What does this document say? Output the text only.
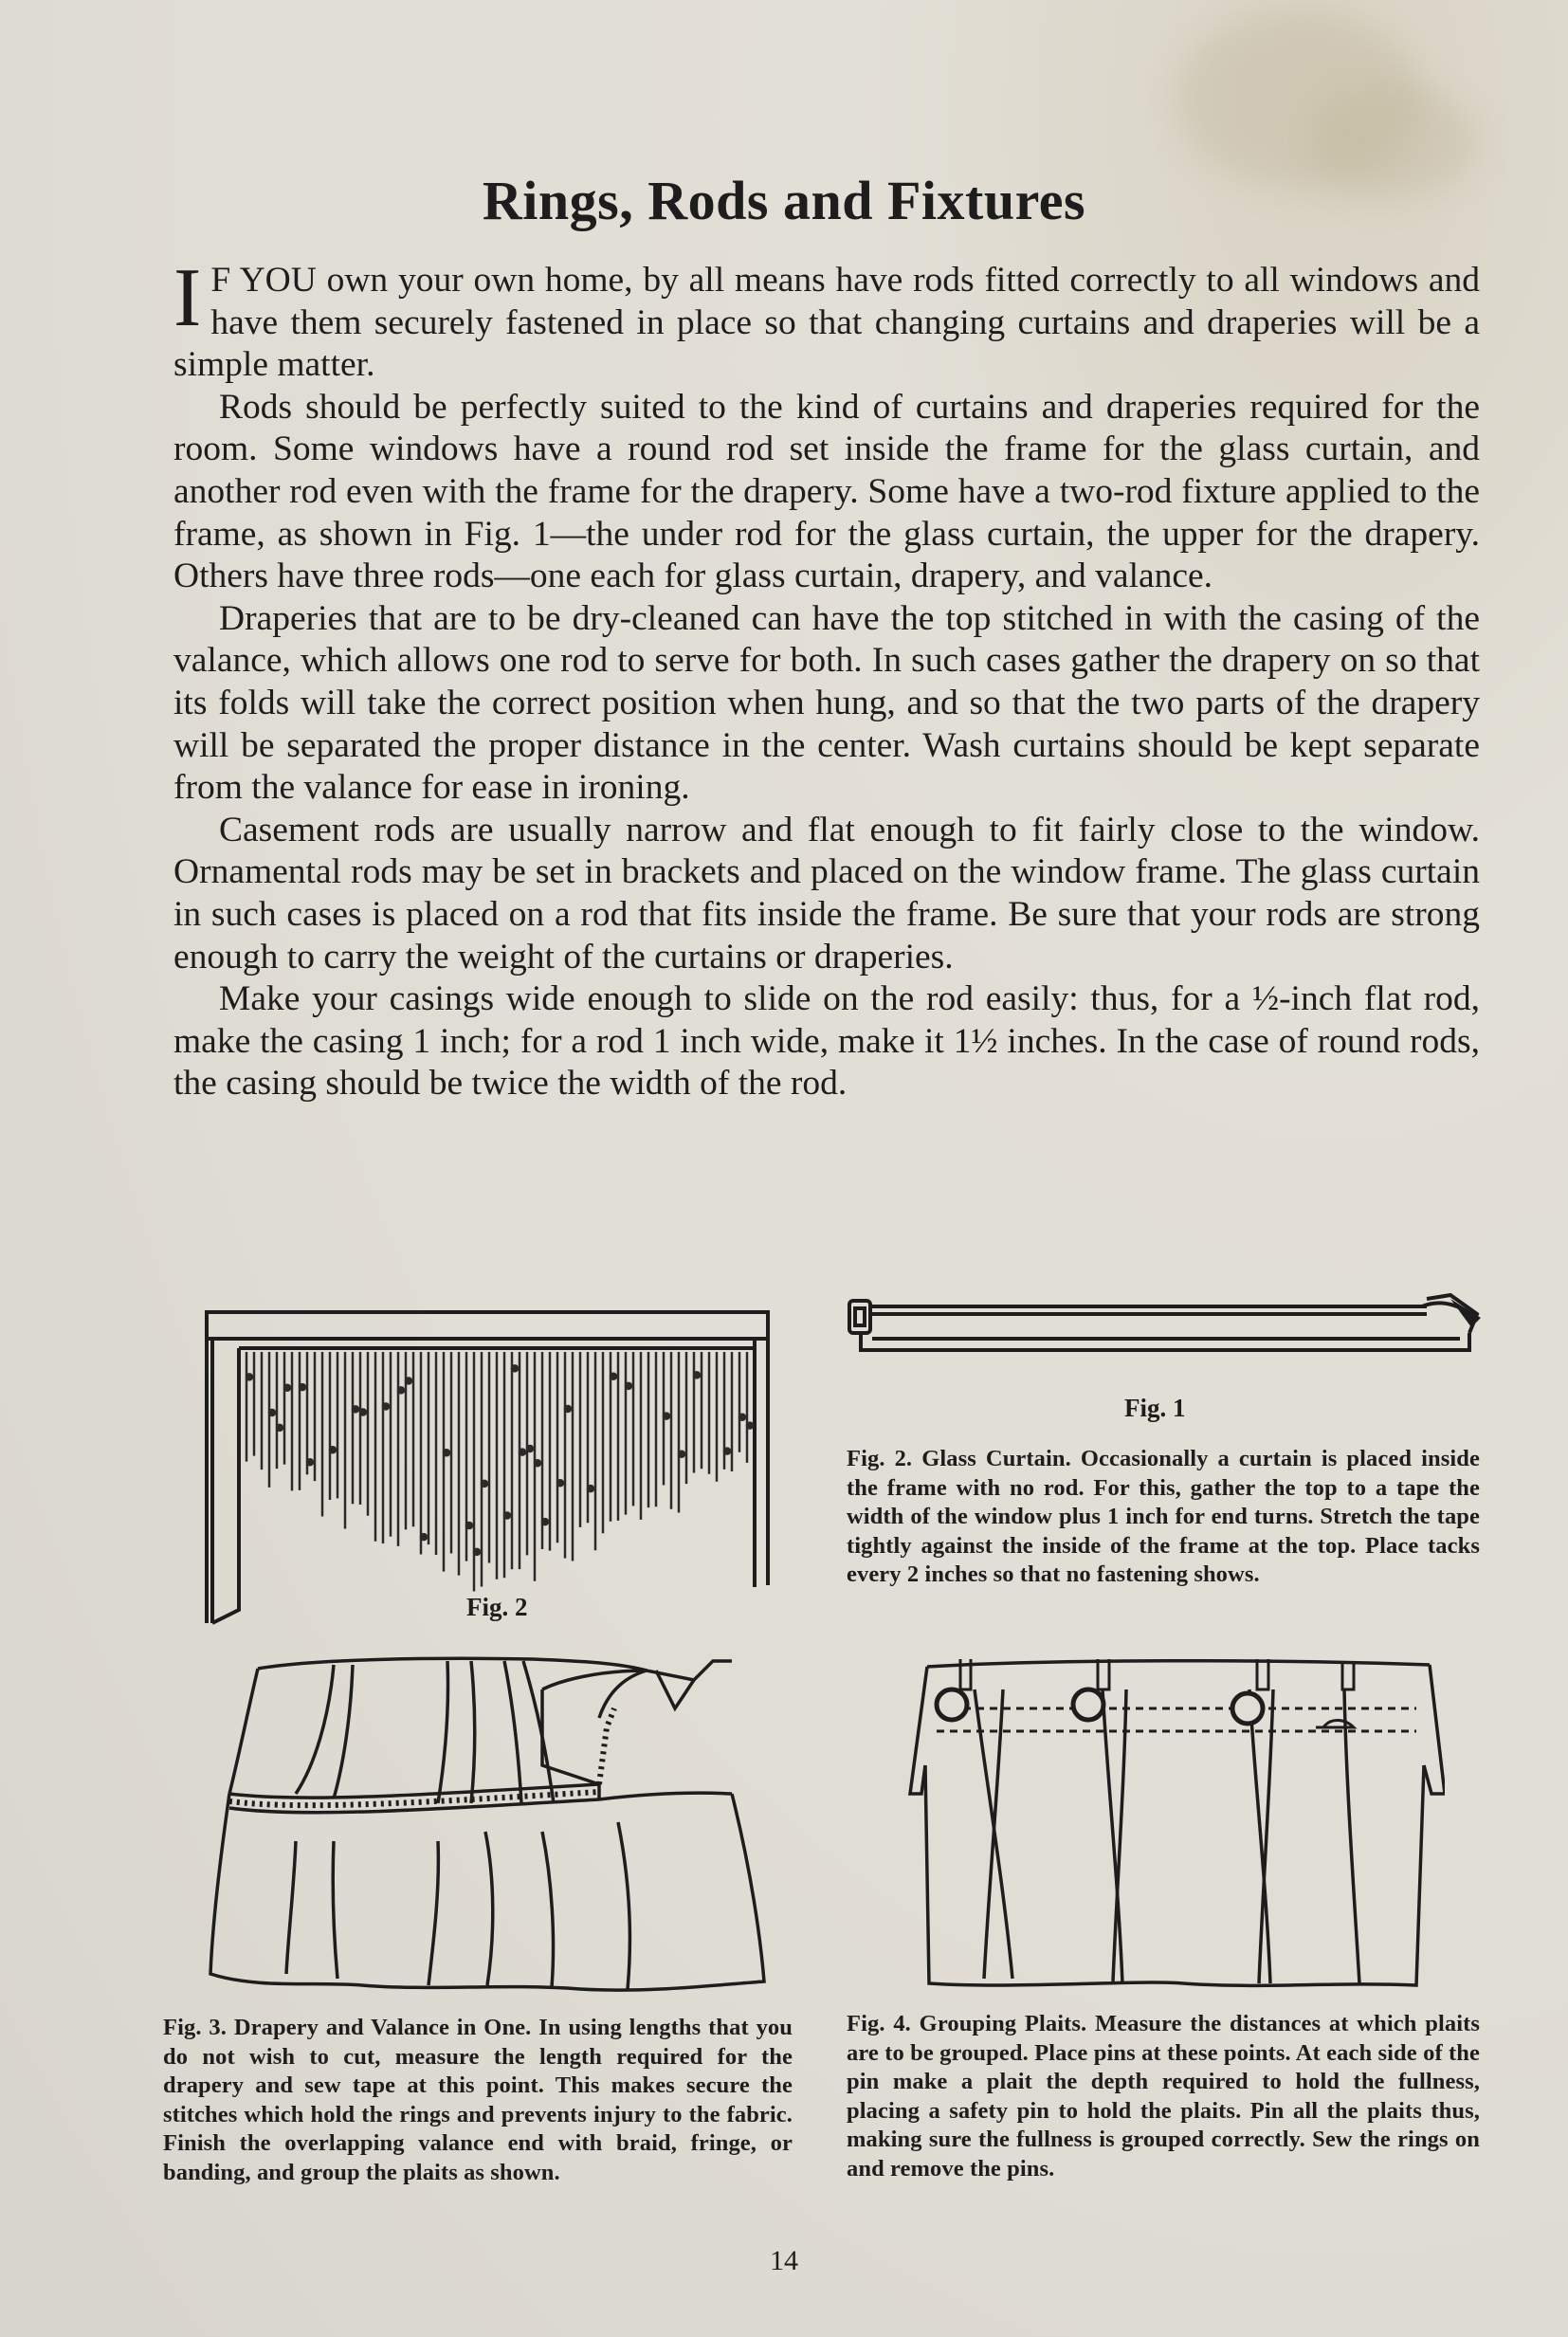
Rings, Rods and Fixtures

I F YOU own your own home, by all means have rods fitted correctly to all windows and have them securely fastened in place so that changing curtains and draperies will be a simple matter.

Rods should be perfectly suited to the kind of curtains and draperies required for the room. Some windows have a round rod set inside the frame for the glass curtain, and another rod even with the frame for the drapery. Some have a two-rod fixture applied to the frame, as shown in Fig. 1—the under rod for the glass curtain, the upper for the drapery. Others have three rods—one each for glass curtain, drapery, and valance.

Draperies that are to be dry-cleaned can have the top stitched in with the casing of the valance, which allows one rod to serve for both. In such cases gather the drapery on so that its folds will take the correct position when hung, and so that the two parts of the drapery will be separated the proper distance in the center. Wash curtains should be kept separate from the valance for ease in ironing.

Casement rods are usually narrow and flat enough to fit fairly close to the window. Ornamental rods may be set in brackets and placed on the window frame. The glass curtain in such cases is placed on a rod that fits inside the frame. Be sure that your rods are strong enough to carry the weight of the curtains or draperies.

Make your casings wide enough to slide on the rod easily: thus, for a ½-inch flat rod, make the casing 1 inch; for a rod 1 inch wide, make it 1½ inches. In the case of round rods, the casing should be twice the width of the rod.

Fig. 1
Fig. 2
Fig. 2. Glass Curtain. Occasionally a curtain is placed inside the frame with no rod. For this, gather the top to a tape the width of the window plus 1 inch for end turns. Stretch the tape tightly against the inside of the frame at the top. Place tacks every 2 inches so that no fastening shows.
Fig. 3. Drapery and Valance in One. In using lengths that you do not wish to cut, measure the length required for the drapery and sew tape at this point. This makes secure the stitches which hold the rings and prevents injury to the fabric. Finish the overlapping valance end with braid, fringe, or banding, and group the plaits as shown.
Fig. 4. Grouping Plaits. Measure the distances at which plaits are to be grouped. Place pins at these points. At each side of the pin make a plait the depth required to hold the fullness, placing a safety pin to hold the plaits. Pin all the plaits thus, making sure the fullness is grouped correctly. Sew the rings on and remove the pins.
14
